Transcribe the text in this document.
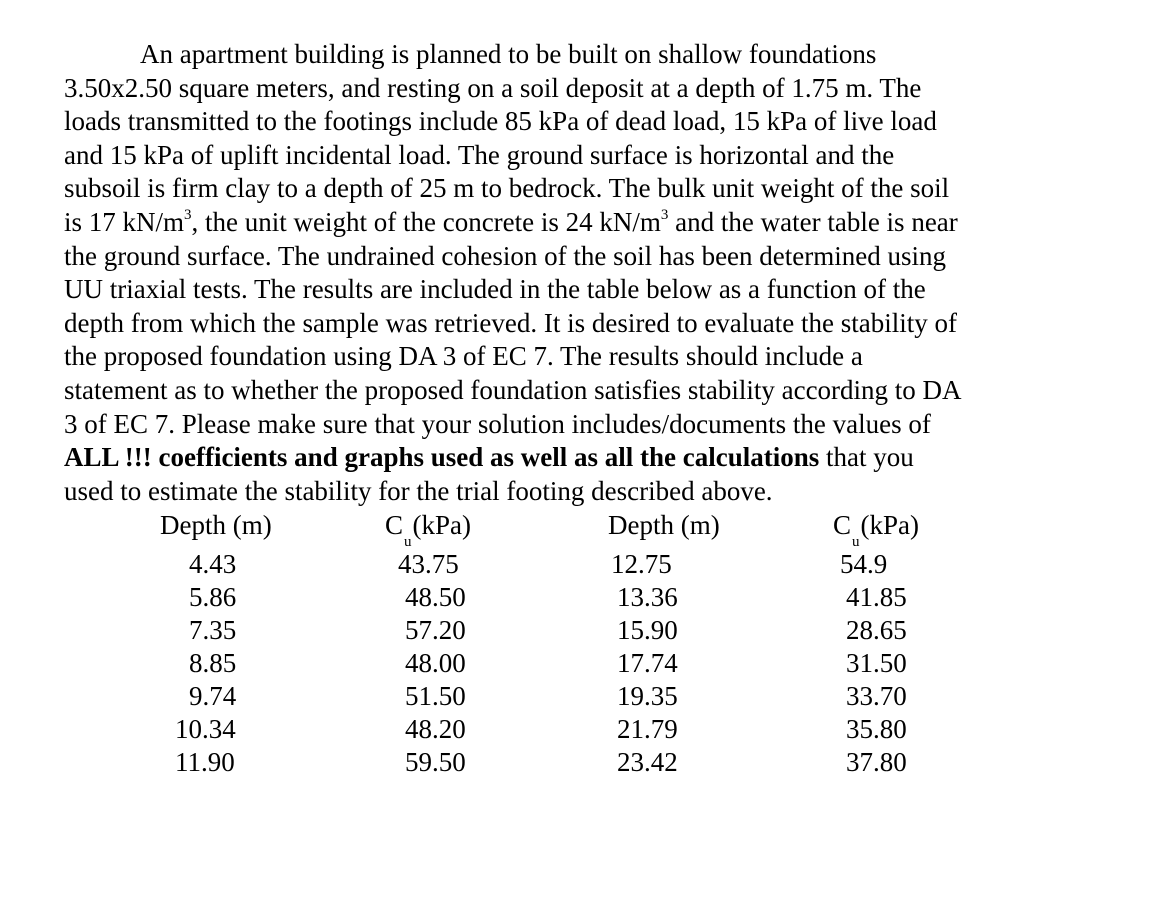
An apartment building is planned to be built on shallow foundations
3.50x2.50 square meters, and resting on a soil deposit at a depth of 1.75 m. The
loads transmitted to the footings include 85 kPa of dead load, 15 kPa of live load
and 15 kPa of uplift incidental load. The ground surface is horizontal and the
subsoil is firm clay to a depth of 25 m to bedrock. The bulk unit weight of the soil
is 17 $kN/m^3$, the unit weight of the concrete is 24 $kN/m^3$ and the water table is near
the ground surface. The undrained cohesion of the soil has been determined using
UU triaxial tests. The results are included in the table below as a function of the
depth from which the sample was retrieved. It is desired to evaluate the stability of
the proposed foundation using DA 3 of EC 7. The results should include a
statement as to whether the proposed foundation satisfies stability according to DA
3 of EC 7. Please make sure that your solution includes/documents the values of
ALL !!! coefficients and graphs used as well as all the calculations that you
used to estimate the stability for the trial footing described above.
Depth (m)	$C_u(kPa)$	Depth (m)	$C_u(kPa)$
4.43	43.75	12.75	54.9
5.86	48.50	13.36	41.85
7.35	57.20	15.90	28.65
8.85	48.00	17.74	31.50
9.74	51.50	19.35	33.70
10.34	48.20	21.79	35.80
11.90	59.50	23.42	37.80
